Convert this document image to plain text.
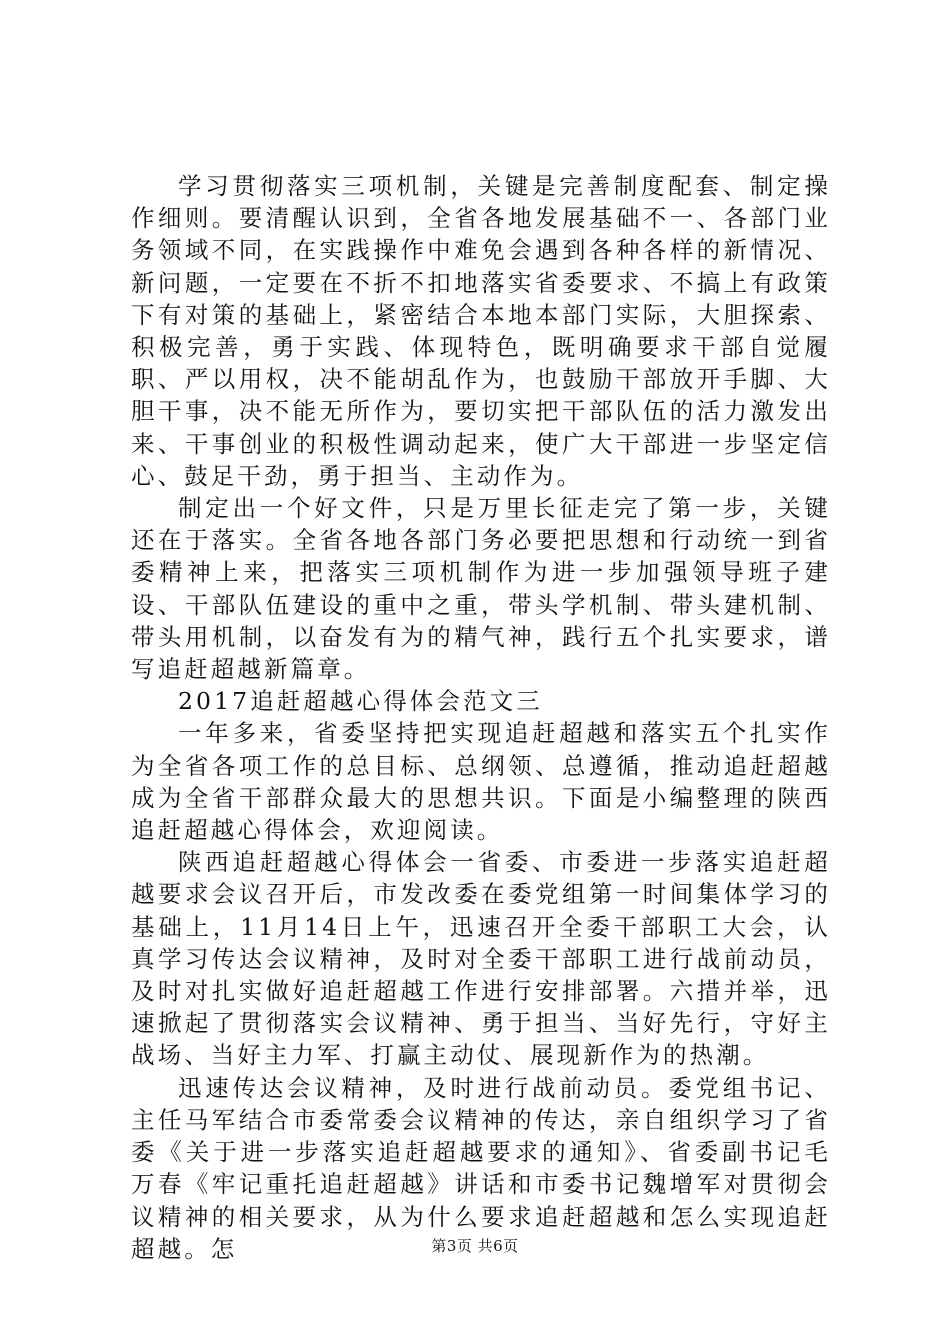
学习贯彻落实三项机制，关键是完善制度配套、制定操作细则。要清醒认识到，全省各地发展基础不一、各部门业务领域不同，在实践操作中难免会遇到各种各样的新情况、新问题，一定要在不折不扣地落实省委要求、不搞上有政策下有对策的基础上，紧密结合本地本部门实际，大胆探索、积极完善，勇于实践、体现特色，既明确要求干部自觉履职、严以用权，决不能胡乱作为，也鼓励干部放开手脚、大胆干事，决不能无所作为，要切实把干部队伍的活力激发出来、干事创业的积极性调动起来，使广大干部进一步坚定信心、鼓足干劲，勇于担当、主动作为。

制定出一个好文件，只是万里长征走完了第一步，关键还在于落实。全省各地各部门务必要把思想和行动统一到省委精神上来，把落实三项机制作为进一步加强领导班子建设、干部队伍建设的重中之重，带头学机制、带头建机制、带头用机制，以奋发有为的精气神，践行五个扎实要求，谱写追赶超越新篇章。

2017追赶超越心得体会范文三

一年多来，省委坚持把实现追赶超越和落实五个扎实作为全省各项工作的总目标、总纲领、总遵循，推动追赶超越成为全省干部群众最大的思想共识。下面是小编整理的陕西追赶超越心得体会，欢迎阅读。

陕西追赶超越心得体会一省委、市委进一步落实追赶超越要求会议召开后，市发改委在委党组第一时间集体学习的基础上，11月14日上午，迅速召开全委干部职工大会，认真学习传达会议精神，及时对全委干部职工进行战前动员，及时对扎实做好追赶超越工作进行安排部署。六措并举，迅速掀起了贯彻落实会议精神、勇于担当、当好先行，守好主战场、当好主力军、打赢主动仗、展现新作为的热潮。

迅速传达会议精神，及时进行战前动员。委党组书记、主任马军结合市委常委会议精神的传达，亲自组织学习了省委《关于进一步落实追赶超越要求的通知》、省委副书记毛万春《牢记重托追赶超越》讲话和市委书记魏增军对贯彻会议精神的相关要求，从为什么要求追赶超越和怎么实现追赶超越。怎	第3页 共6页
